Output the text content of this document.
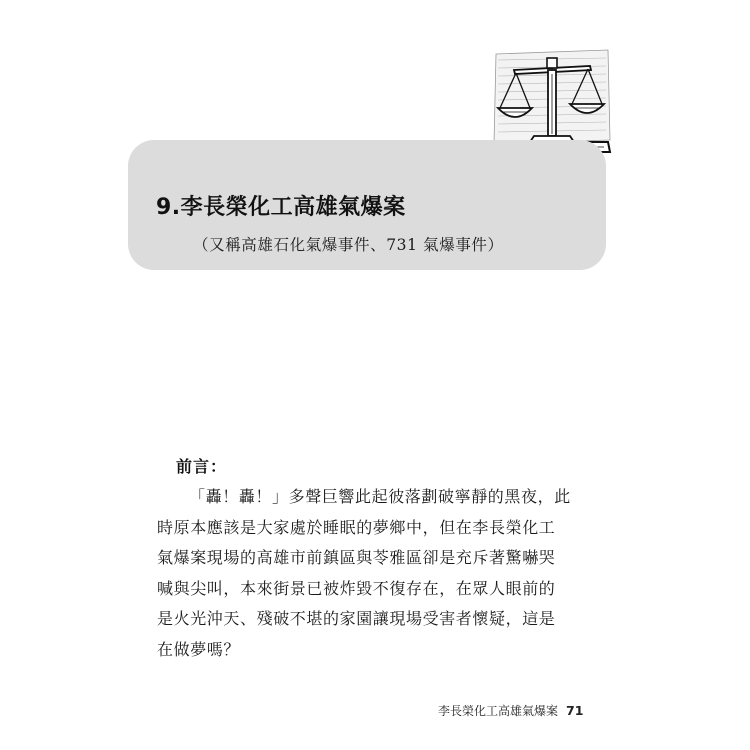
9.李長榮化工高雄氣爆案
（又稱高雄石化氣爆事件、731 氣爆事件）
前言：
「轟！轟！」多聲巨響此起彼落劃破寧靜的黑夜，此
時原本應該是大家處於睡眠的夢鄉中，但在李長榮化工
氣爆案現場的高雄市前鎮區與苓雅區卻是充斥著驚嚇哭
喊與尖叫，本來街景已被炸毀不復存在，在眾人眼前的
是火光沖天、殘破不堪的家園讓現場受害者懷疑，這是
在做夢嗎？
李長榮化工高雄氣爆案 71
